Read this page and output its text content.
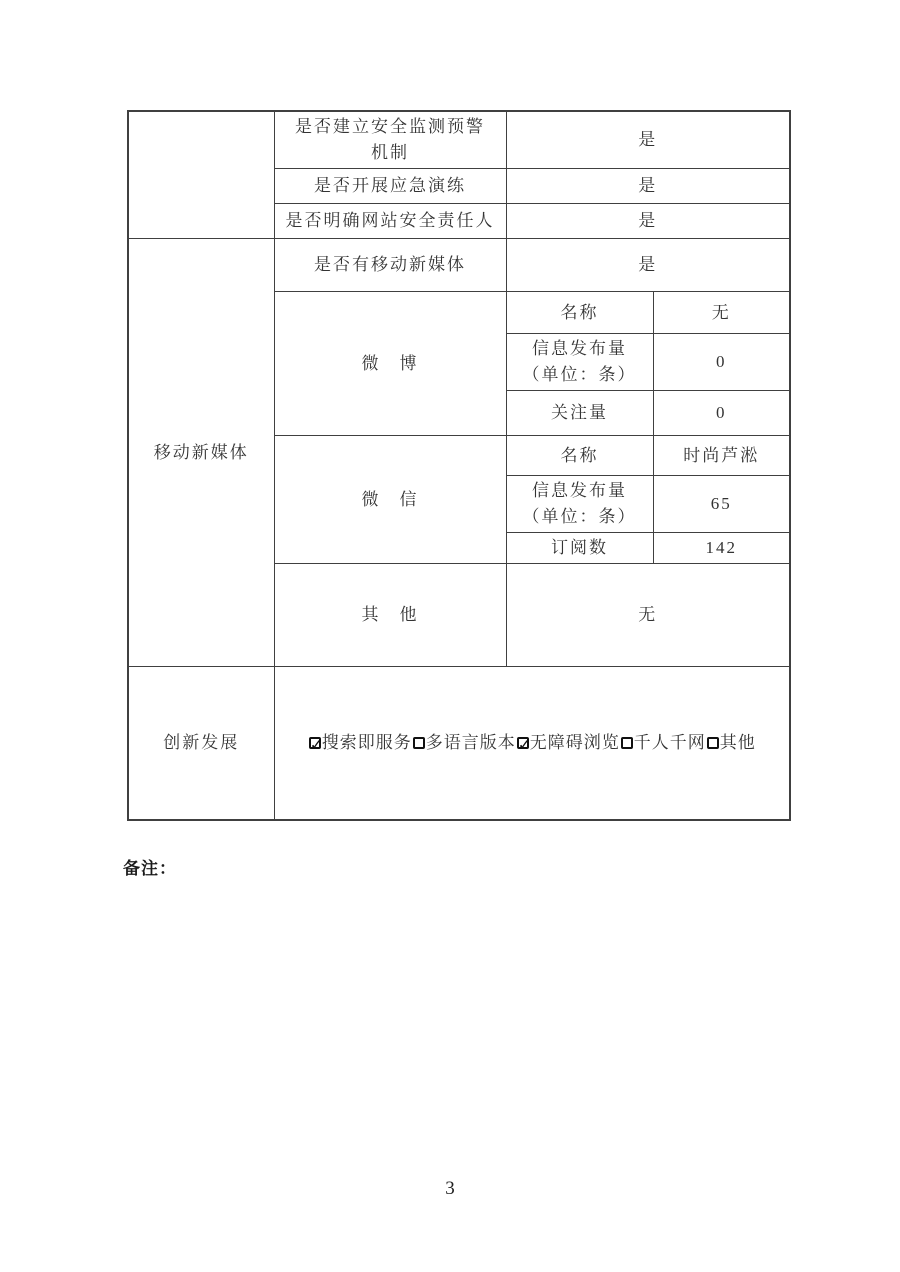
	是否建立安全监测预警
机制	是	
	是否开展应急演练	是	
	是否明确网站安全责任人	是	
移动新媒体	是否有移动新媒体	是	
	微　博	名称	无

		信息发布量
（单位：条）	0
		关注量	0
	微　信	名称	时尚芦淞

		信息发布量
（单位：条）	65
		订阅数	142
	其　他	无	
创新发展	
✓搜索即服务 多语言版本 ✓ 无障碍浏览 千人千网 其他
备注：
3
